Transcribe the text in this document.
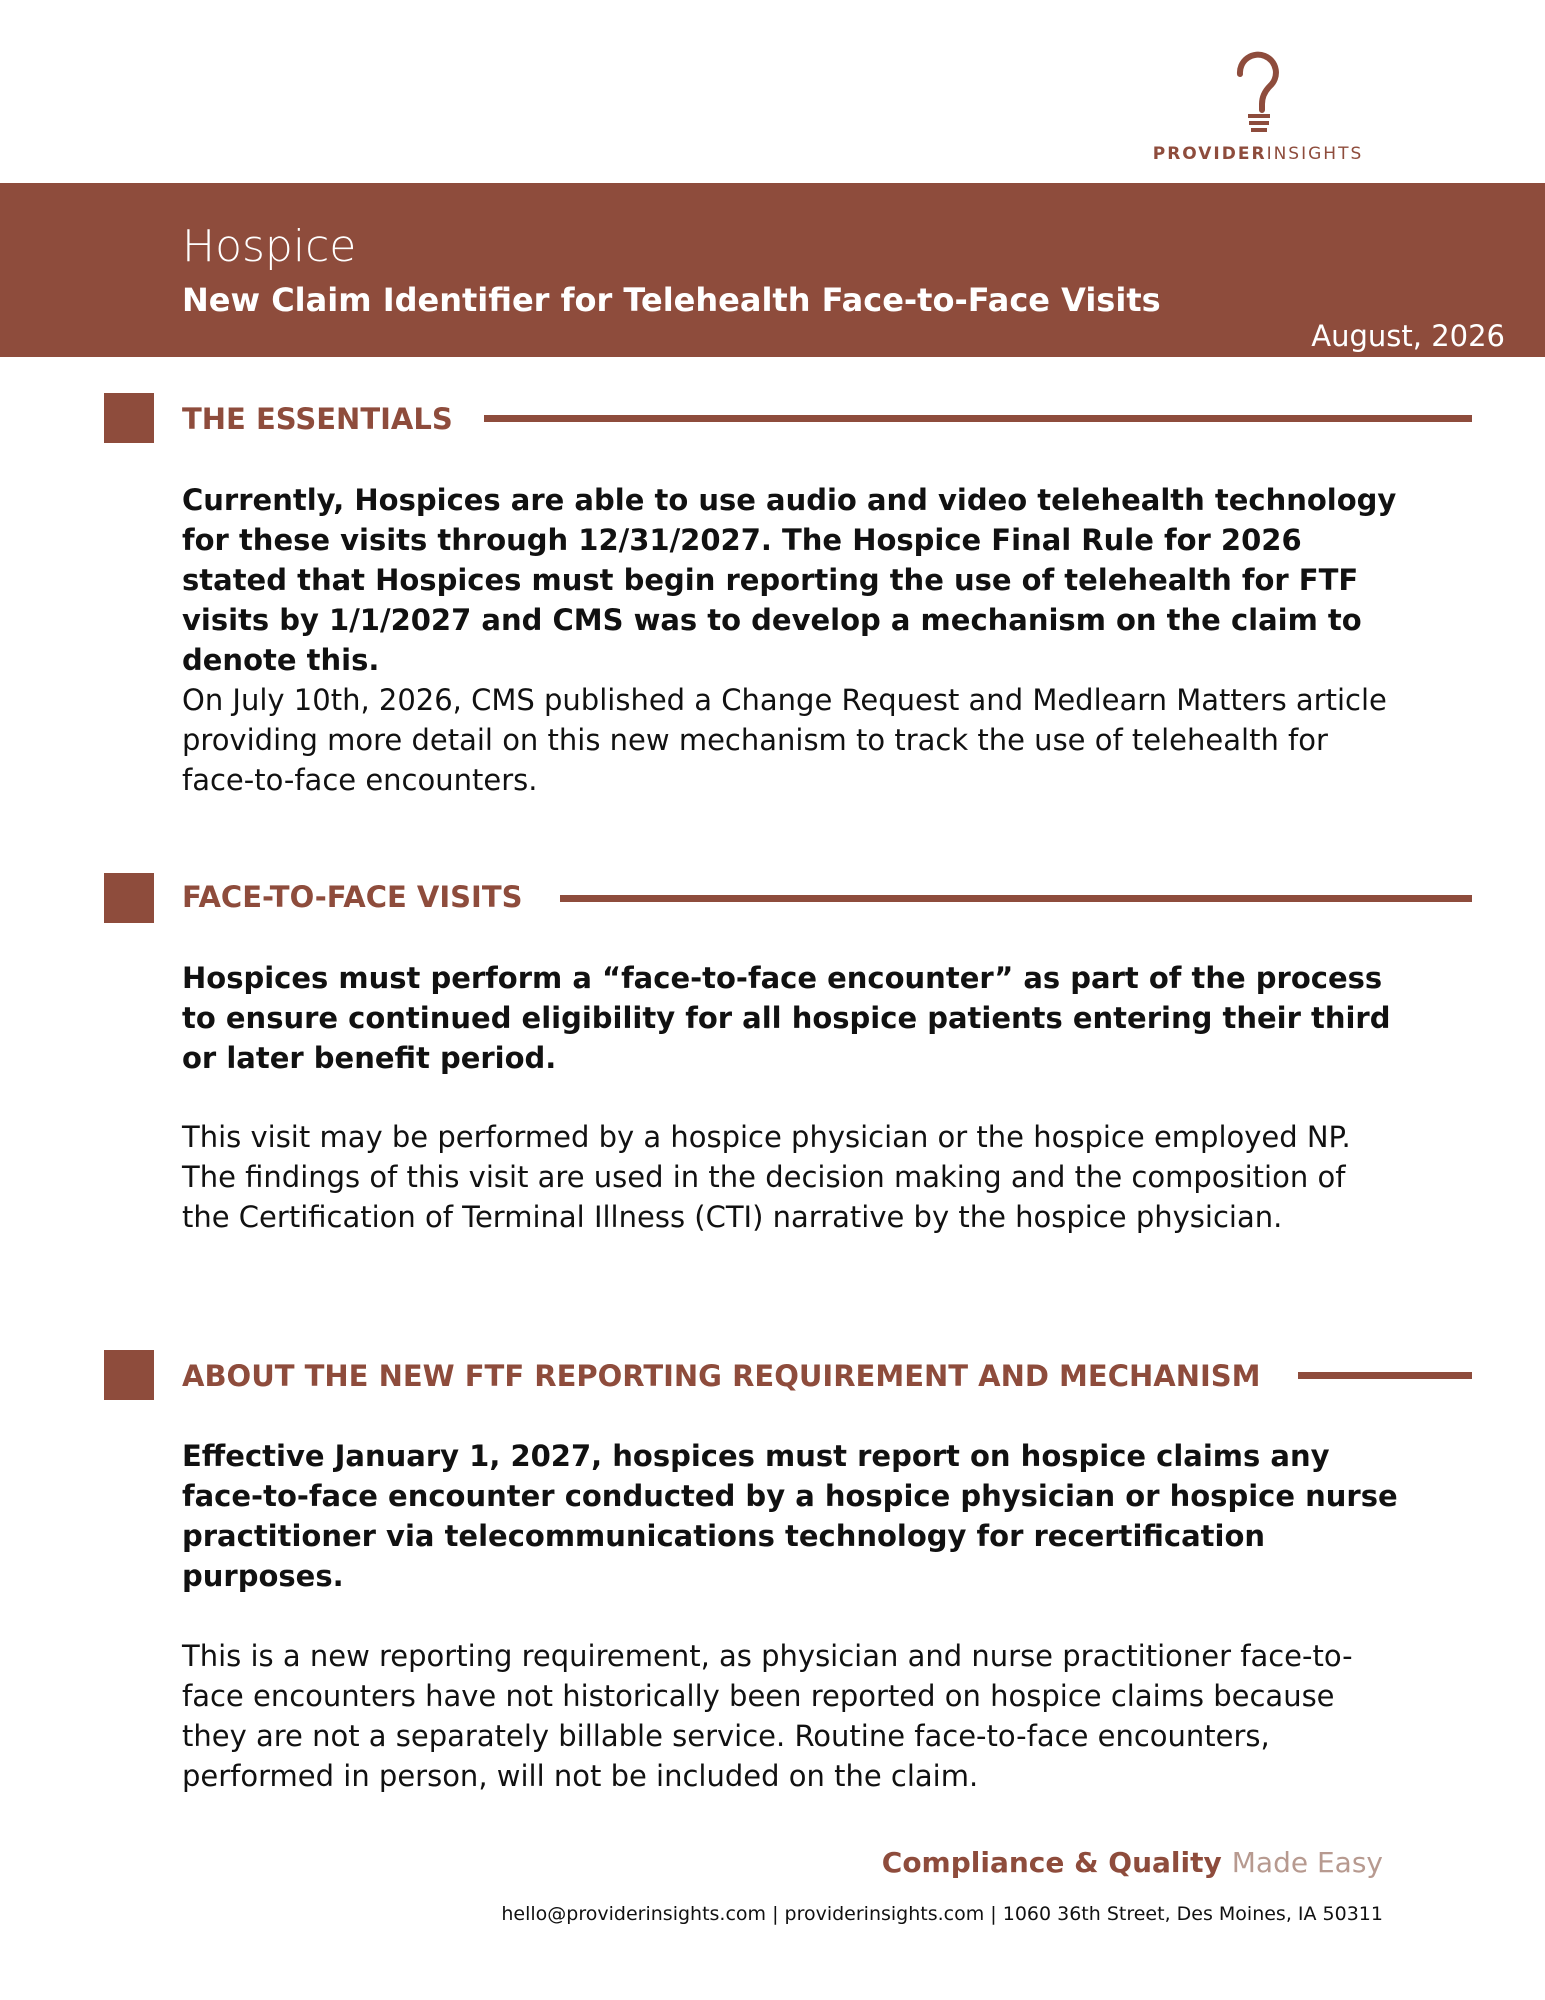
PROVIDERINSIGHTS
Hospice
New Claim Identifier for Telehealth Face-to-Face Visits
August, 2026
THE ESSENTIALS
Currently, Hospices are able to use audio and video telehealth technology for these visits through 12/31/2027. The Hospice Final Rule for 2026 stated that Hospices must begin reporting the use of telehealth for FTF visits by 1/1/2027 and CMS was to develop a mechanism on the claim to denote this.
On July 10th, 2026, CMS published a Change Request and Medlearn Matters article providing more detail on this new mechanism to track the use of telehealth for face-to-face encounters.
FACE-TO-FACE VISITS
Hospices must perform a “face-to-face encounter” as part of the process to ensure continued eligibility for all hospice patients entering their third or later benefit period.
This visit may be performed by a hospice physician or the hospice employed NP. The findings of this visit are used in the decision making and the composition of the Certification of Terminal Illness (CTI) narrative by the hospice physician.
ABOUT THE NEW FTF REPORTING REQUIREMENT AND MECHANISM
Effective January 1, 2027, hospices must report on hospice claims any face-to-face encounter conducted by a hospice physician or hospice nurse practitioner via telecommunications technology for recertification purposes.
This is a new reporting requirement, as physician and nurse practitioner face-to-face encounters have not historically been reported on hospice claims because they are not a separately billable service. Routine face-to-face encounters, performed in person, will not be included on the claim.
Compliance & Quality Made Easy
hello@providerinsights.com | providerinsights.com | 1060 36th Street, Des Moines, IA 50311
